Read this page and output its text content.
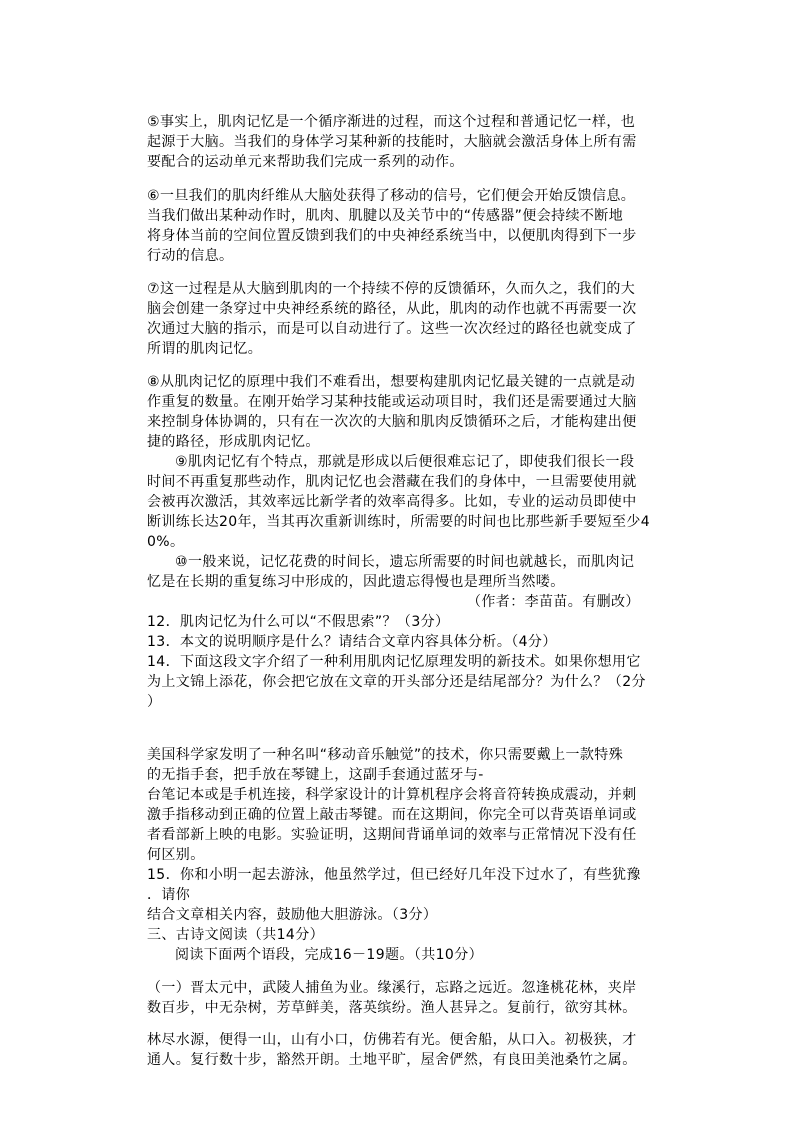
⑤事实上，肌肉记忆是一个循序渐进的过程，而这个过程和普通记忆一样，也
起源于大脑。当我们的身体学习某种新的技能时，大脑就会激活身体上所有需
要配合的运动单元来帮助我们完成一系列的动作。
⑥一旦我们的肌肉纤维从大脑处获得了移动的信号，它们便会开始反馈信息。
当我们做出某种动作时，肌肉、肌腱以及关节中的“传感器”便会持续不断地
将身体当前的空间位置反馈到我们的中央神经系统当中，以便肌肉得到下一步
行动的信息。
⑦这一过程是从大脑到肌肉的一个持续不停的反馈循环，久而久之，我们的大
脑会创建一条穿过中央神经系统的路径，从此，肌肉的动作也就不再需要一次
次通过大脑的指示，而是可以自动进行了。这些一次次经过的路径也就变成了
所谓的肌肉记忆。
⑧从肌肉记忆的原理中我们不难看出，想要构建肌肉记忆最关键的一点就是动
作重复的数量。在刚开始学习某种技能或运动项目时，我们还是需要通过大脑
来控制身体协调的，只有在一次次的大脑和肌肉反馈循环之后，才能构建出便
捷的路径，形成肌肉记忆。
⑨肌肉记忆有个特点，那就是形成以后便很难忘记了，即使我们很长一段
时间不再重复那些动作，肌肉记忆也会潜藏在我们的身体中，一旦需要使用就
会被再次激活，其效率远比新学者的效率高得多。比如，专业的运动员即使中
断训练长达20年，当其再次重新训练时，所需要的时间也比那些新手要短至少4
0%。
⑩一般来说，记忆花费的时间长，遗忘所需要的时间也就越长，而肌肉记
忆是在长期的重复练习中形成的，因此遗忘得慢也是理所当然喽。
（作者：李苗苗。有删改）
12．肌肉记忆为什么可以“不假思索”？（3分）
13．本文的说明顺序是什么？请结合文章内容具体分析。（4分）
14．下面这段文字介绍了一种利用肌肉记忆原理发明的新技术。如果你想用它
为上文锦上添花，你会把它放在文章的开头部分还是结尾部分？为什么？（2分
）
美国科学家发明了一种名叫“移动音乐触觉”的技术，你只需要戴上一款特殊
的无指手套，把手放在琴键上，这副手套通过蓝牙与-
台笔记本或是手机连接，科学家设计的计算机程序会将音符转换成震动，并刺
激手指移动到正确的位置上敲击琴键。而在这期间，你完全可以背英语单词或
者看部新上映的电影。实验证明，这期间背诵单词的效率与正常情况下没有任
何区别。
15．你和小明一起去游泳，他虽然学过，但已经好几年没下过水了，有些犹豫
．请你
结合文章相关内容，鼓励他大胆游泳。（3分）
三、古诗文阅读（共14分）
阅读下面两个语段，完成16－19题。（共10分）
（一）晋太元中，武陵人捕鱼为业。缘溪行，忘路之远近。忽逢桃花林，夹岸
数百步，中无杂树，芳草鲜美，落英缤纷。渔人甚异之。复前行，欲穷其林。
林尽水源，便得一山，山有小口，仿佛若有光。便舍船，从口入。初极狭，才
通人。复行数十步，豁然开朗。土地平旷，屋舍俨然，有良田美池桑竹之属。
